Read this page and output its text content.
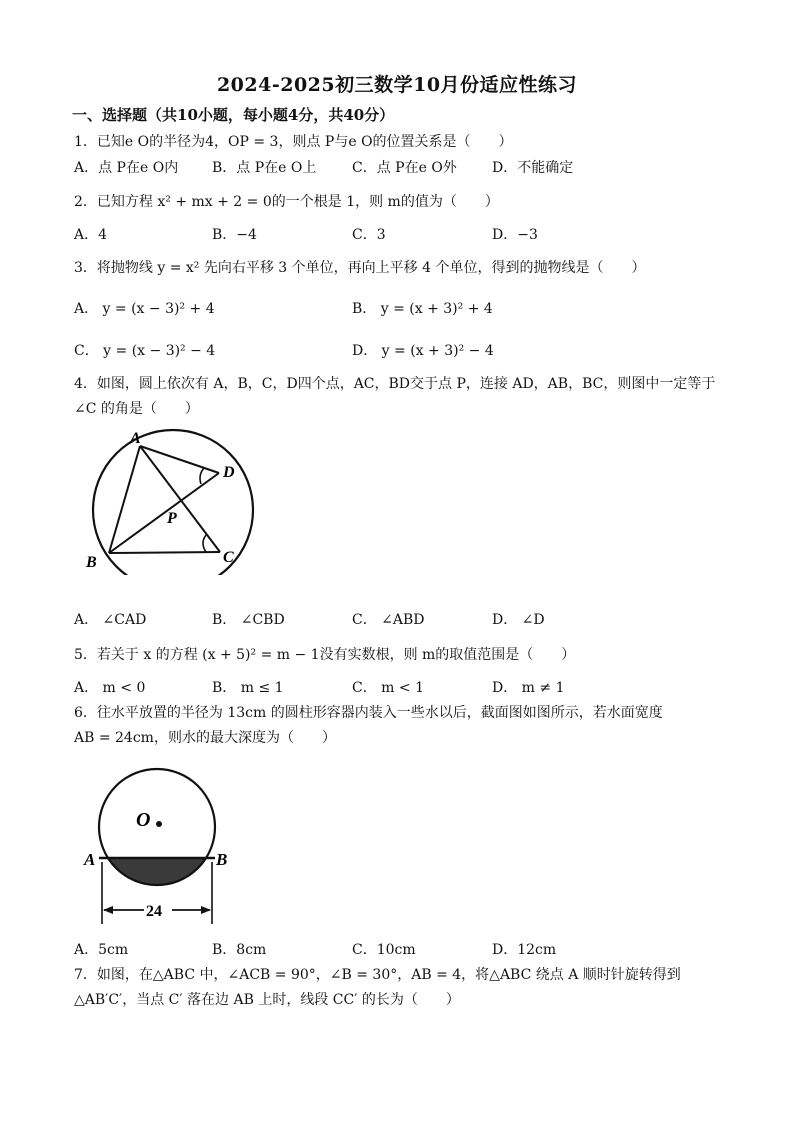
2024-2025初三数学10月份适应性练习
一、选择题（共10小题，每小题4分，共40分）
1．已知e O的半径为4，OP = 3，则点 P与e O的位置关系是（　　）
A．点 P在e O内 B．点 P在e O上	C．点 P在e O外	D．不能确定
2．已知方程 x² + mx + 2 = 0的一个根是 1，则 m的值为（　　）
A．4	B．−4	C．3	D．−3
3．将抛物线 y = x² 先向右平移 3 个单位，再向上平移 4 个单位，得到的抛物线是（　　）
A． y = (x − 3)² + 4	B． y = (x + 3)² + 4
C． y = (x − 3)² − 4	D． y = (x + 3)² − 4
4．如图，圆上依次有 A，B，C，D四个点，AC，BD交于点 P，连接 AD，AB，BC，则图中一定等于
∠C 的角是（　　）
A
B	C
D
P
A． ∠CAD	B． ∠CBD	C． ∠ABD	D． ∠D
5．若关于 x 的方程 (x + 5)² = m − 1没有实数根，则 m的取值范围是（　　）
A． m < 0	B． m ≤ 1	C． m < 1	D． m ≠ 1
6．往水平放置的半径为 13cm 的圆柱形容器内装入一些水以后，截面图如图所示，若水面宽度
AB = 24cm，则水的最大深度为（　　）
24
O
A	B
A．5cm	B．8cm	C．10cm	D．12cm
7．如图，在△ABC 中，∠ACB = 90°，∠B = 30°，AB = 4，将△ABC 绕点 A 顺时针旋转得到
△AB′C′，当点 C′ 落在边 AB 上时，线段 CC′ 的长为（　　）
